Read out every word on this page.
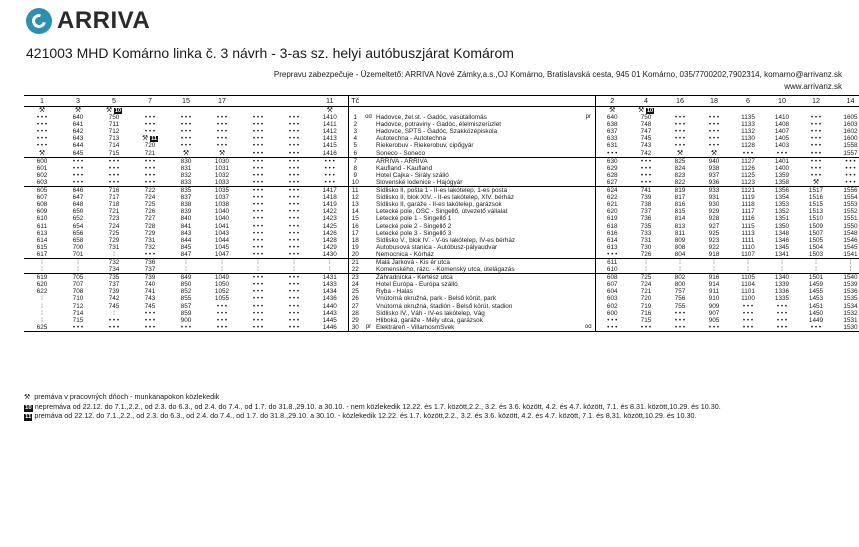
ARRIVA
421003 MHD Komárno linka č. 3 návrh - 3-as sz. helyi autóbuszjárat Komárom
Prepravu zabezpečuje - Üzemeltető: ARRIVA Nové Zámky,a.s.,OJ Komárno, Bratislavská cesta, 945 01 Komárno, 035/7700202,7902314, komarno@arrivanz.sk
www.arrivanz.sk
1	3	5	7	15	17			11	Tč				2	4	16	18	6	10	12	14
⚒	⚒	⚒ 10						⚒					⚒	⚒ 10						
• • •	640	750	• • •	• • •	• • •	• • •	• • •	1410	1	od	Hadovce, žel.st. - Gadóc, vasútállomás	pr	640	750	• • •	• • •	1135	1410	• • •	1605
• • •	641	711	• • •	• • •	• • •	• • •	• • •	1411	2		Hadovce, potraviny - Gadóc, élelmiszerüzlet		638	748	• • •	• • •	1133	1408	• • •	1603
• • •	642	712	• • •	• • •	• • •	• • •	• • •	1412	3		Hadovce, SPTŠ - Gadóc, Szakközépiskola		637	747	• • •	• • •	1132	1407	• • •	1602
• • •	643	713	⚒ 11	• • •	• • •	• • •	• • •	1413	4		Autotechna - Autotechna		633	745	• • •	• • •	1130	1405	• • •	1600
• • •	644	714	720	• • •	• • •	• • •	• • •	1415	5		Riekerobuv - Riekerobuv, cipőgyár		631	743	• • •	• • •	1128	1403	• • •	1558
⚒	645	715	721	⚒	⚒	• • •	• • •	1416	6		Soneco - Soneco		• • •	742	⚒	⚒	• • •	• • •	• • •	1557
600	• • •	• • •	• • •	830	1030	• • •	• • •	• • •	7		ARRIVA - ARRIVA		630	• • •	825	940	1127	1401	• • •	• • •
601	• • •	• • •	• • •	831	1031	• • •	• • •	• • •	8		Kaufland - Kaufland		629	• • •	824	938	1126	1400	• • •	• • •
602	• • •	• • •	• • •	832	1032	• • •	• • •	• • •	9		Hotel Čajka - Sirály szálló		628	• • •	823	937	1125	1359	• • •	• • •
603	• • •	• • •	• • •	833	1033	• • •	• • •	• • •	10		Slovenské lodenice - Hajógyár		627	• • •	822	936	1123	1358	⚒	• • •
605	646	716	722	835	1035	• • •	• • •	1417	11		Sídlisko II, pošta 1 - II-es lakótelep, 1-es posta		624	741	819	933	1121	1356	1517	1556
607	647	717	724	837	1037	• • •	• • •	1418	12		Sídlisko II, blok XIV. - II-es lakótelep, XIV. bérház		622	739	817	931	1119	1354	1516	1554
608	648	718	725	838	1038	• • •	• • •	1419	13		Sídlisko II, garáže - II-es lakótelep, garázsok		621	738	816	930	1118	1353	1515	1553
609	650	721	726	839	1040	• • •	• • •	1422	14		Letecké pole, OSC - Singellő, útvezető vállalat		620	737	815	929	1117	1352	1513	1552
610	652	723	727	840	1040	• • •	• • •	1423	15		Letecké pole 1 - Singellő 1		619	736	814	928	1116	1351	1510	1551
611	654	724	728	841	1041	• • •	• • •	1425	16		Letecké pole 2 - Singellő 2		618	735	813	927	1115	1350	1509	1550
613	656	725	729	843	1043	• • •	• • •	1426	17		Letecké pole 3 - Singellő 3		616	733	811	925	1113	1348	1507	1548
614	658	729	731	844	1044	• • •	• • •	1428	18		Sídlisko V., blok IV. - V-ös lakótelep, IV-es bérház		614	731	809	923	1111	1346	1505	1546
615	700	731	732	845	1045	• • •	• • •	1429	19		Autobusová stanica - Autóbusz-pályaudvar		613	730	808	922	1110	1345	1504	1545
617	701	⁞	• • •	847	1047	• • •	• • •	1430	20		Nemocnica - Kórház		• • •	726	804	918	1107	1341	1503	1541
⁞	⁞	732	736	⁞	⁞	⁞	⁞	⁞	21		Malá Jarková - Kis ér utca		611	⁞	⁞	⁞	⁞	⁞	⁞	⁞
⁞	⁞	734	737	⁞	⁞	⁞	⁞	⁞	22		Komenského, rázc. - Komenský utca, útelágazás		610	⁞	⁞	⁞	⁞	⁞	⁞	⁞
619	705	735	739	849	1049	• • •	• • •	1431	23		Záhradnícka - Kertész utca		608	725	802	916	1105	1340	1501	1540
620	707	737	740	850	1050	• • •	• • •	1433	24		Hotel Európa - Európa szálló		607	724	800	914	1104	1339	1459	1539
622	708	739	741	852	1052	• • •	• • •	1434	25		Ryba - Halas		604	721	757	911	1101	1336	1455	1536
⁞	710	742	743	855	1055	• • •	• • •	1436	26		Vnútorná okružná, park - Belső körút, park		603	720	756	910	1100	1335	1453	1535
⁞	712	745	745	857	• • •	• • •	• • •	1440	27		Vnútorná okružná, štadión - Belső körút, stadion		602	719	755	909	• • •	• • •	1451	1534
⁞	714	⁞	• • •	859	• • •	• • •	• • •	1443	28		Sídlisko IV., Váh - IV-es lakótelep, Vág		600	716	• • •	907	• • •	• • •	1450	1532
⁞	715	• • •	• • •	900	• • •	• • •	• • •	1445	29		Hliboká, garáže - Mély utca, garázsok		• • •	715	• • •	905	• • •	• • •	1449	1531
625	• • •	• • •	• • •	• • •	• • •	• • •	• • •	1446	30	pr	Elektráreň - VillamosmSvek	od	• • •	• • •	• • •	• • •	• • •	• • •	• • •	1530
⚒ premáva v pracovných dňoch - munkanapokon közlekedik
10 nepremáva od 22.12. do 7.1.,2.2., od 2.3. do 6.3., od 2.4. do 7.4., od 1.7. do 31.8.,29.10. a 30.10. - nem közlekedik 12.22. és 1.7. között,2.2., 3.2. és 3.6. között, 4.2. és 4.7. között, 7.1. és 8.31. között,10.29. és 10.30.
11 premáva od 22.12. do 7.1.,2.2., od 2.3. do 6.3., od 2.4. do 7.4., od 1.7. do 31.8.,29.10. a 30.10. - közlekedik 12.22. és 1.7. között,2.2., 3.2. és 3.6. között, 4.2. és 4.7. között, 7.1. és 8.31. között,10.29. és 10.30.
